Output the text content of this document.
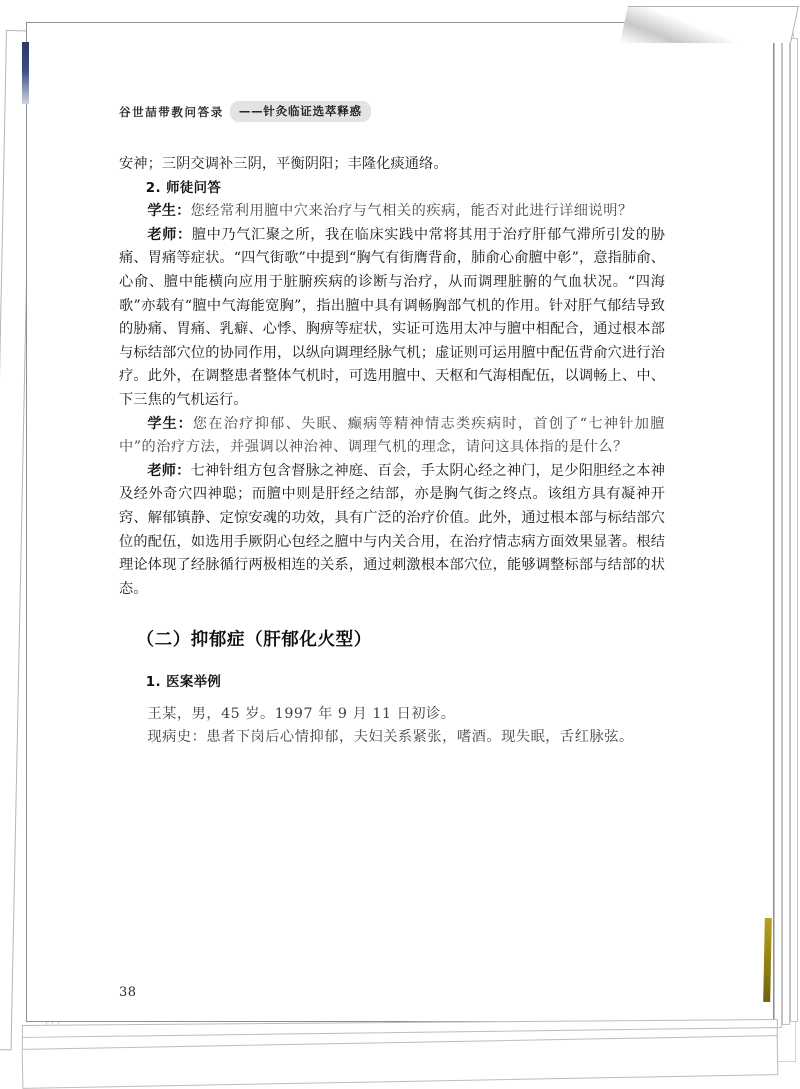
谷世喆带教问答录	——针灸临证选萃释惑

安神；三阴交调补三阴，平衡阴阳；丰隆化痰通络。

2. 师徒问答

学生：您经常利用膻中穴来治疗与气相关的疾病，能否对此进行详细说明？

老师：膻中乃气汇聚之所，我在临床实践中常将其用于治疗肝郁气滞所引发的胁痛、胃痛等症状。“四气街歌”中提到“胸气有街膺背俞，肺俞心俞膻中彰”，意指肺俞、心俞、膻中能横向应用于脏腑疾病的诊断与治疗，从而调理脏腑的气血状况。“四海歌”亦载有“膻中气海能宽胸”，指出膻中具有调畅胸部气机的作用。针对肝气郁结导致的胁痛、胃痛、乳癖、心悸、胸痹等症状，实证可选用太冲与膻中相配合，通过根本部与标结部穴位的协同作用，以纵向调理经脉气机；虚证则可运用膻中配伍背俞穴进行治疗。此外，在调整患者整体气机时，可选用膻中、天枢和气海相配伍，以调畅上、中、下三焦的气机运行。

学生：您在治疗抑郁、失眠、癫病等精神情志类疾病时，首创了“七神针加膻中”的治疗方法，并强调以神治神、调理气机的理念，请问这具体指的是什么？

老师：七神针组方包含督脉之神庭、百会，手太阴心经之神门，足少阳胆经之本神及经外奇穴四神聪；而膻中则是肝经之结部，亦是胸气街之终点。该组方具有凝神开窍、解郁镇静、定惊安魂的功效，具有广泛的治疗价值。此外，通过根本部与标结部穴位的配伍，如选用手厥阴心包经之膻中与内关合用，在治疗情志病方面效果显著。根结理论体现了经脉循行两极相连的关系，通过刺激根本部穴位，能够调整标部与结部的状态。

（二）抑郁症（肝郁化火型）

1. 医案举例

王某，男，45 岁。1997 年 9 月 11 日初诊。

现病史：患者下岗后心情抑郁，夫妇关系紧张，嗜酒。现失眠，舌红脉弦。

38
